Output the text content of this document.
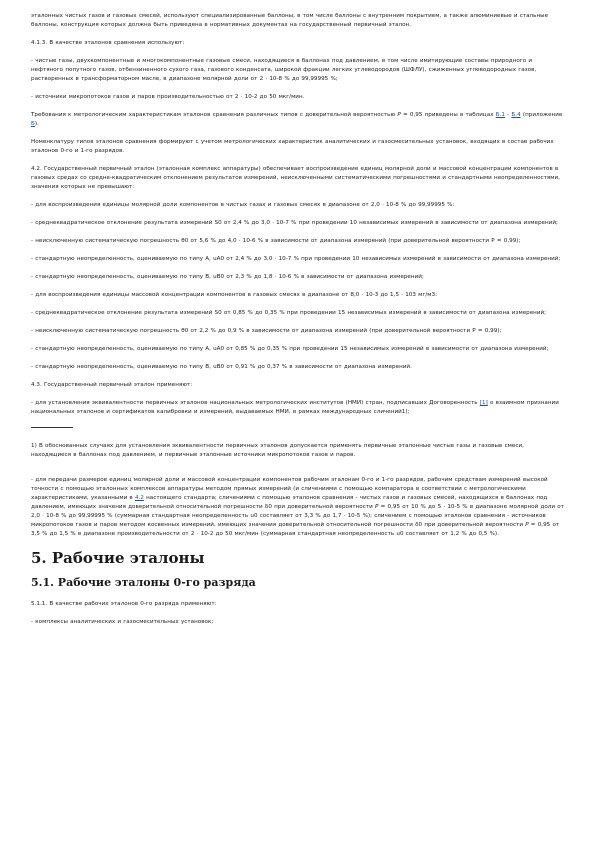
эталонных чистых газов и газовых смесей, используют специализированные баллоны, в том числе баллоны с внутренним покрытием, а также алюминиевые и стальные баллоны, конструкция которых должна быть приведена в нормативных документах на государственный первичный эталон.

4.1.3. В качестве эталонов сравнения используют:

- чистые газы, двухкомпонентные и многокомпонентные газовые смеси, находящиеся в баллонах под давлением, в том числе имитирующие составы природного и нефтяного попутного газов, отбензиненного сухого газа, газового конденсата, широкой фракции легких углеводородов (ШФЛУ), сжиженных углеводородных газов, растворенных в трансформаторном масле, в диапазоне молярной доли от 2 · 10-8 % до 99,99995 %;

- источники микропотоков газов и паров производительностью от 2 · 10-2 до 50 мкг/мин.

Требования к метрологическим характеристикам эталонов сравнения различных типов с доверительной вероятностью P = 0,95 приведены в таблицах Б.1 - Б.4 (приложение Б).

Номенклатуру типов эталонов сравнения формируют с учетом метрологических характеристик аналитических и газосмесительных установок, входящих в состав рабочих эталонов 0-го и 1-го разрядов.

4.2. Государственный первичный эталон (эталонная комплекс аппаратуры) обеспечивает воспроизведение единиц молярной доли и массовой концентрации компонентов в газовых средах со средне-квадратическим отклонением результатов измерений, неисключенными систематическими погрешностями и стандартными неопределенностями, значения которых не превышают:

- для воспроизведения единицы молярной доли компонентов в чистых газах и газовых смесях в диапазоне от 2,0 · 10-8 % до 99,99995 %:

- среднеквадратическое отклонение результата измерений S0 от 2,4 % до 3,0 · 10-7 % при проведении 10 независимых измерений в зависимости от диапазона измерений;

- неисключенную систематическую погрешность θ0 от 5,6 % до 4,0 · 10-6 % в зависимости от диапазона измерений (при доверительной вероятности P = 0,99);

- стандартную неопределенность, оцениваемую по типу А, uA0 от 2,4 % до 3,0 · 10-7 % при проведении 10 независимых измерений в зависимости от диапазона измерений;

- стандартную неопределенность, оцениваемую по типу В, uB0 от 2,3 % до 1,8 · 10-6 % в зависимости от диапазона измерений;

- для воспроизведения единицы массовой концентрации компонентов в газовых смесях в диапазоне от 8,0 · 10-3 до 1,5 · 103 мг/м3:

- среднеквадратическое отклонение результата измерений S0 от 0,85 % до 0,35 % при проведении 15 независимых измерений в зависимости от диапазона измерений;

- неисключенную систематическую погрешность θ0 от 2,2 % до 0,9 % в зависимости от диапазона измерений (при доверительной вероятности P = 0,99);

- стандартную неопределенность, оцениваемую по типу А, uA0 от 0,85 % до 0,35 % при проведении 15 независимых измерений в зависимости от диапазона измерений;

- стандартную неопределенность, оцениваемую по типу В, uB0 от 0,91 % до 0,37 % в зависимости от диапазона измерений.

4.3. Государственный первичный эталон применяют:

- для установления эквивалентности первичных эталонов национальных метрологических институтов (НМИ) стран, подписавших Договоренность [1] о взаимном признании национальных эталонов и сертификатов калибровки и измерений, выдаваемых НМИ, в рамках международных сличений1);

1) В обоснованных случаях для установления эквивалентности первичных эталонов допускается применять первичные эталонные чистые газы и газовые смеси, находящиеся в баллонах под давлением, и первичные эталонные источники микропотоков газов и паров.

- для передачи размеров единиц молярной доли и массовой концентрации компонентов рабочим эталонам 0-го и 1-го разрядов, рабочим средствам измерений высокой точности с помощью эталонных комплексов аппаратуры методом прямых измерений (и сличениями с помощью компаратора в соответствии с метрологическими характеристиками, указанными в 4.2 настоящего стандарта; сличениями с помощью эталонов сравнения - чистых газов и газовых смесей, находящихся в баллонах под давлением, имеющих значения доверительной относительной погрешности δ0 при доверительной вероятности P = 0,95 от 10 % до 5 · 10-5 % в диапазоне молярной доли от 2,0 · 10-8 % до 99,99995 % (суммарная стандартная неопределенность u0 составляет от 3,3 % до 1,7 · 10-5 %); сличением с помощью эталонов сравнения - источников микропотоков газов и паров методом косвенных измерений, имеющих значения доверительной относительной погрешности δ0 при доверительной вероятности P = 0,95 от 3,5 % до 1,5 % в диапазоне производительности от 2 · 10-2 до 50 мкг/мин (суммарная стандартная неопределенность u0 составляет от 1,2 % до 0,5 %).

5. Рабочие эталоны
5.1. Рабочие эталоны 0-го разряда

5.1.1. В качестве рабочих эталонов 0-го разряда применяют:

- комплексы аналитических и газосмесительных установок;
